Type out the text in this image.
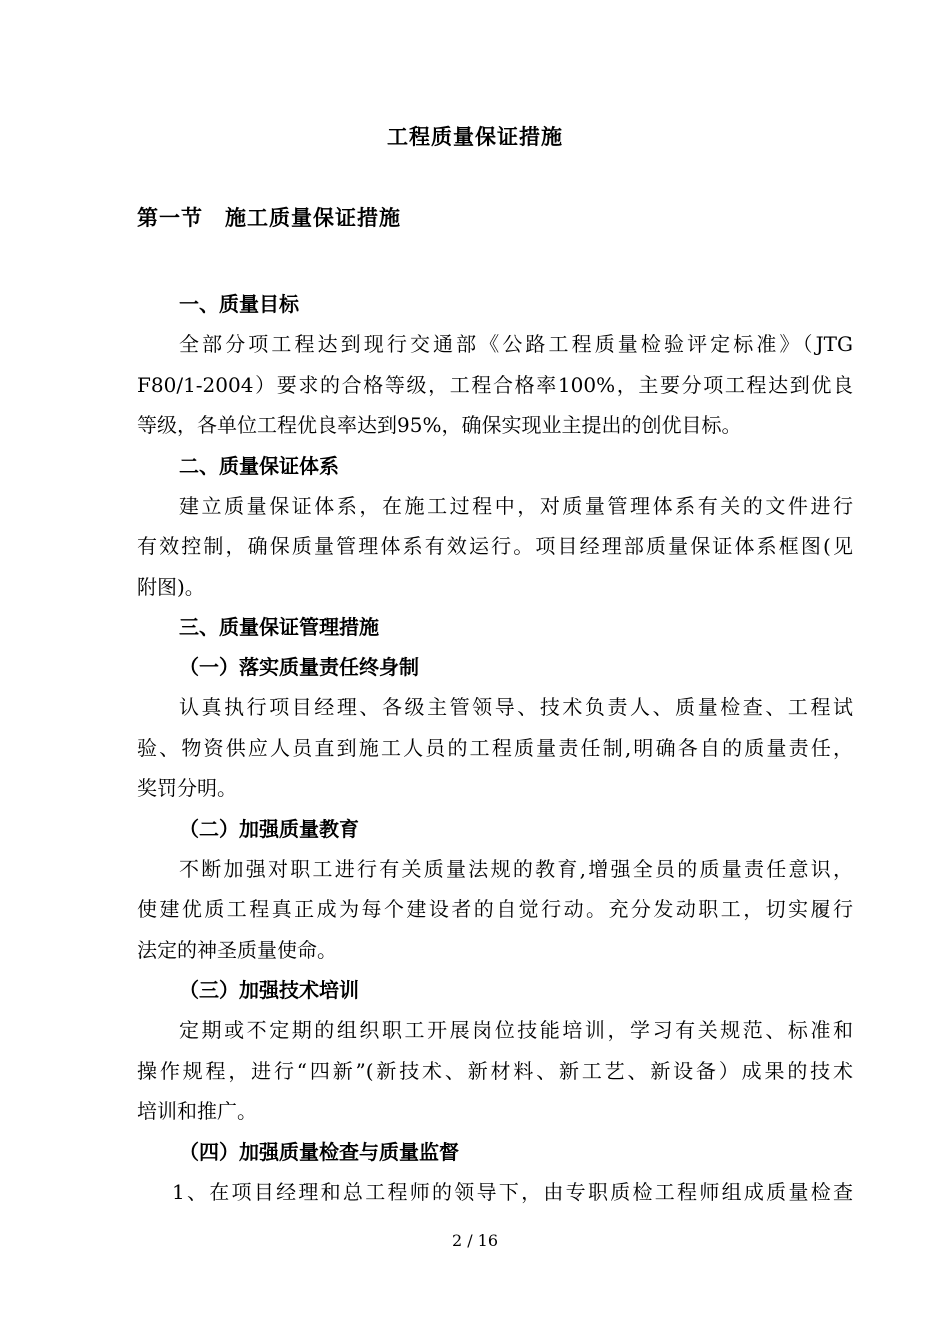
工程质量保证措施
第一节　施工质量保证措施
一、质量目标
全部分项工程达到现行交通部《公路工程质量检验评定标准》（JTG
F80/1-2004）要求的合格等级，工程合格率100%，主要分项工程达到优良
等级，各单位工程优良率达到95%，确保实现业主提出的创优目标。
二、质量保证体系
建立质量保证体系，在施工过程中，对质量管理体系有关的文件进行
有效控制，确保质量管理体系有效运行。项目经理部质量保证体系框图(见
附图)。
三、质量保证管理措施
（一）落实质量责任终身制
认真执行项目经理、各级主管领导、技术负责人、质量检查、工程试
验、物资供应人员直到施工人员的工程质量责任制,明确各自的质量责任，
奖罚分明。
（二）加强质量教育
不断加强对职工进行有关质量法规的教育,增强全员的质量责任意识，
使建优质工程真正成为每个建设者的自觉行动。充分发动职工，切实履行
法定的神圣质量使命。
（三）加强技术培训
定期或不定期的组织职工开展岗位技能培训，学习有关规范、标准和
操作规程，进行“四新”(新技术、新材料、新工艺、新设备）成果的技术
培训和推广。
（四）加强质量检查与质量监督
1、在项目经理和总工程师的领导下，由专职质检工程师组成质量检查
2 / 16
